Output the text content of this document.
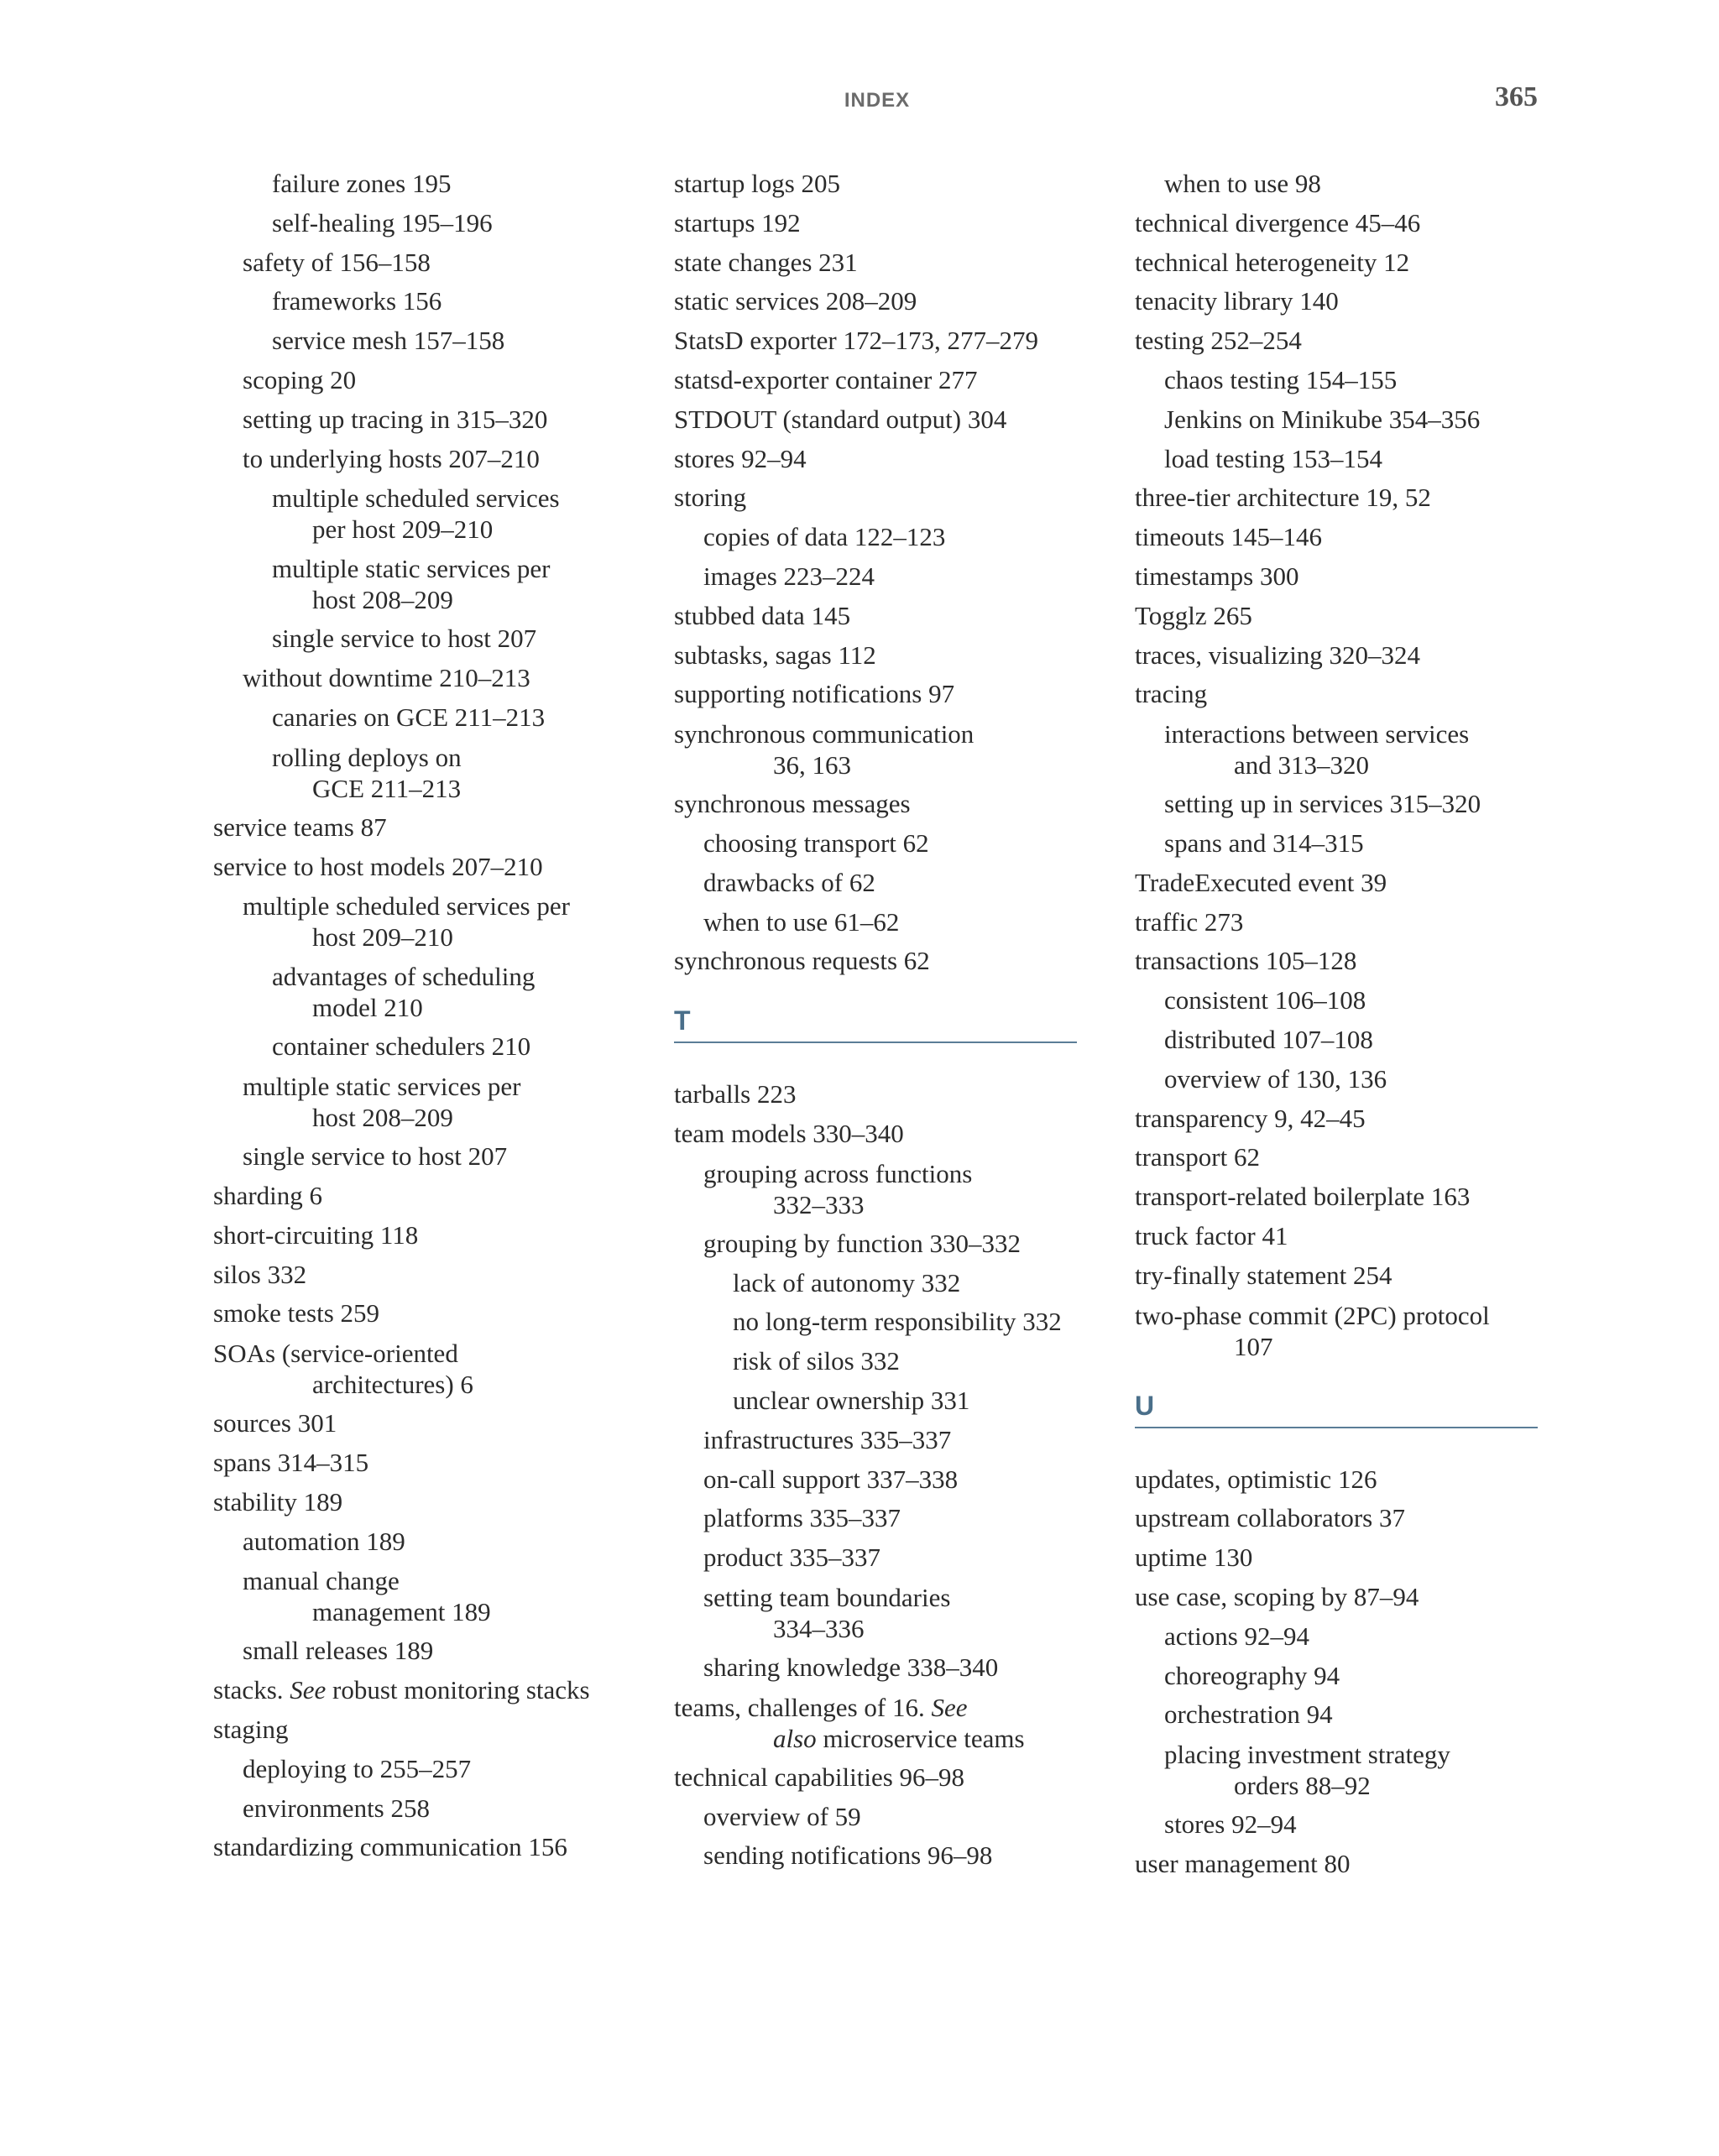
INDEX	365
failure zones 195
self-healing 195–196
safety of 156–158
frameworks 156
service mesh 157–158
scoping 20
setting up tracing in 315–320
to underlying hosts 207–210
multiple scheduled services
per host 209–210
multiple static services per
host 208–209
single service to host 207
without downtime 210–213
canaries on GCE 211–213
rolling deploys on
GCE 211–213
service teams 87
service to host models 207–210
multiple scheduled services per
host 209–210
advantages of scheduling
model 210
container schedulers 210
multiple static services per
host 208–209
single service to host 207
sharding 6
short-circuiting 118
silos 332
smoke tests 259
SOAs (service-oriented
architectures) 6
sources 301
spans 314–315
stability 189
automation 189
manual change
management 189
small releases 189
stacks. See robust monitoring stacks
staging
deploying to 255–257
environments 258
standardizing communication 156
startup logs 205
startups 192
state changes 231
static services 208–209
StatsD exporter 172–173, 277–279
statsd-exporter container 277
STDOUT (standard output) 304
stores 92–94
storing
copies of data 122–123
images 223–224
stubbed data 145
subtasks, sagas 112
supporting notifications 97
synchronous communication
36, 163
synchronous messages
choosing transport 62
drawbacks of 62
when to use 61–62
synchronous requests 62
T
tarballs 223
team models 330–340
grouping across functions
332–333
grouping by function 330–332
lack of autonomy 332
no long-term responsibility 332
risk of silos 332
unclear ownership 331
infrastructures 335–337
on-call support 337–338
platforms 335–337
product 335–337
setting team boundaries
334–336
sharing knowledge 338–340
teams, challenges of 16. See
also microservice teams
technical capabilities 96–98
overview of 59
sending notifications 96–98
when to use 98
technical divergence 45–46
technical heterogeneity 12
tenacity library 140
testing 252–254
chaos testing 154–155
Jenkins on Minikube 354–356
load testing 153–154
three-tier architecture 19, 52
timeouts 145–146
timestamps 300
Togglz 265
traces, visualizing 320–324
tracing
interactions between services
and 313–320
setting up in services 315–320
spans and 314–315
TradeExecuted event 39
traffic 273
transactions 105–128
consistent 106–108
distributed 107–108
overview of 130, 136
transparency 9, 42–45
transport 62
transport-related boilerplate 163
truck factor 41
try-finally statement 254
two-phase commit (2PC) protocol
107
U
updates, optimistic 126
upstream collaborators 37
uptime 130
use case, scoping by 87–94
actions 92–94
choreography 94
orchestration 94
placing investment strategy
orders 88–92
stores 92–94
user management 80
